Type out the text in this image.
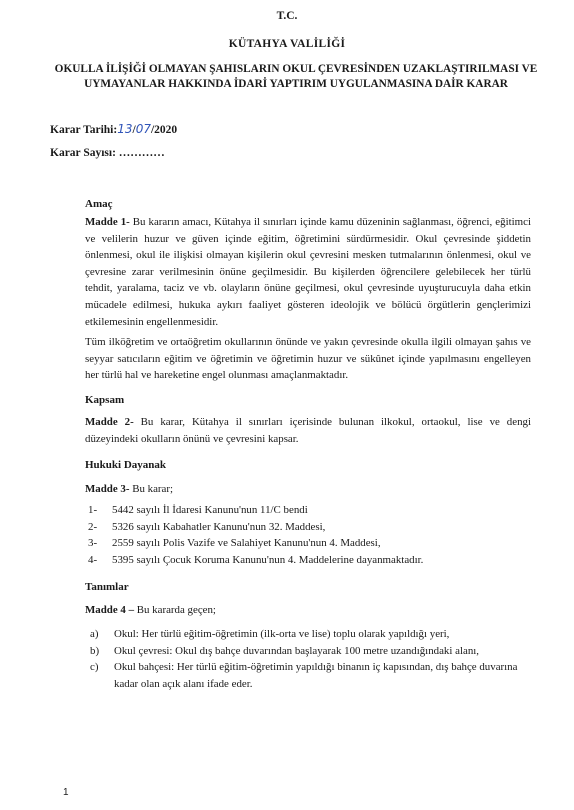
T.C.
KÜTAHYA VALİLİĞİ
OKULLA İLİŞİĞİ OLMAYAN ŞAHISLARIN OKUL ÇEVRESİNDEN UZAKLAŞTIRILMASI VE UYMAYANLAR HAKKINDA İDARİ YAPTIRIM UYGULANMASINA DAİR KARAR
Karar Tarihi:13/07/2020
Karar Sayısı: …………
Amaç

Madde 1- Bu kararın amacı, Kütahya il sınırları içinde kamu düzeninin sağlanması, öğrenci, eğitimci ve velilerin huzur ve güven içinde eğitim, öğretimini sürdürmesidir. Okul çevresinde şiddetin önlenmesi, okul ile ilişkisi olmayan kişilerin okul çevresini mesken tutmalarının önlenmesi, okul ve çevresine zarar verilmesinin önüne geçilmesidir. Bu kişilerden öğrencilere gelebilecek her türlü tehdit, yaralama, taciz ve vb. olayların önüne geçilmesi, okul çevresinde uyuşturucuyla daha etkin mücadele edilmesi, hukuka aykırı faaliyet gösteren ideolojik ve bölücü örgütlerin gençlerimizi etkilemesinin engellenmesidir.

Tüm ilköğretim ve ortaöğretim okullarının önünde ve yakın çevresinde okulla ilgili olmayan şahıs ve seyyar satıcıların eğitim ve öğretimin ve öğretimin huzur ve sükûnet içinde yapılmasını engelleyen her türlü hal ve hareketine engel olunması amaçlanmaktadır.

Kapsam

Madde 2- Bu karar, Kütahya il sınırları içerisinde bulunan ilkokul, ortaokul, lise ve dengi düzeyindeki okulların önünü ve çevresini kapsar.

Hukuki Dayanak

Madde 3- Bu karar;

1-	5442 sayılı İl İdaresi Kanunu'nun 11/C bendi
2-	5326 sayılı Kabahatler Kanunu'nun 32. Maddesi,
3-	2559 sayılı Polis Vazife ve Salahiyet Kanunu'nun 4. Maddesi,
4-	5395 sayılı Çocuk Koruma Kanunu'nun 4. Maddelerine dayanmaktadır.
Tanımlar

Madde 4 – Bu kararda geçen;

a)	Okul: Her türlü eğitim-öğretimin (ilk-orta ve lise) toplu olarak yapıldığı yeri,
b)	Okul çevresi: Okul dış bahçe duvarından başlayarak 100 metre uzandığındaki alanı,
c)	Okul bahçesi: Her türlü eğitim-öğretimin yapıldığı binanın iç kapısından, dış bahçe duvarına kadar olan açık alanı ifade eder.
1
